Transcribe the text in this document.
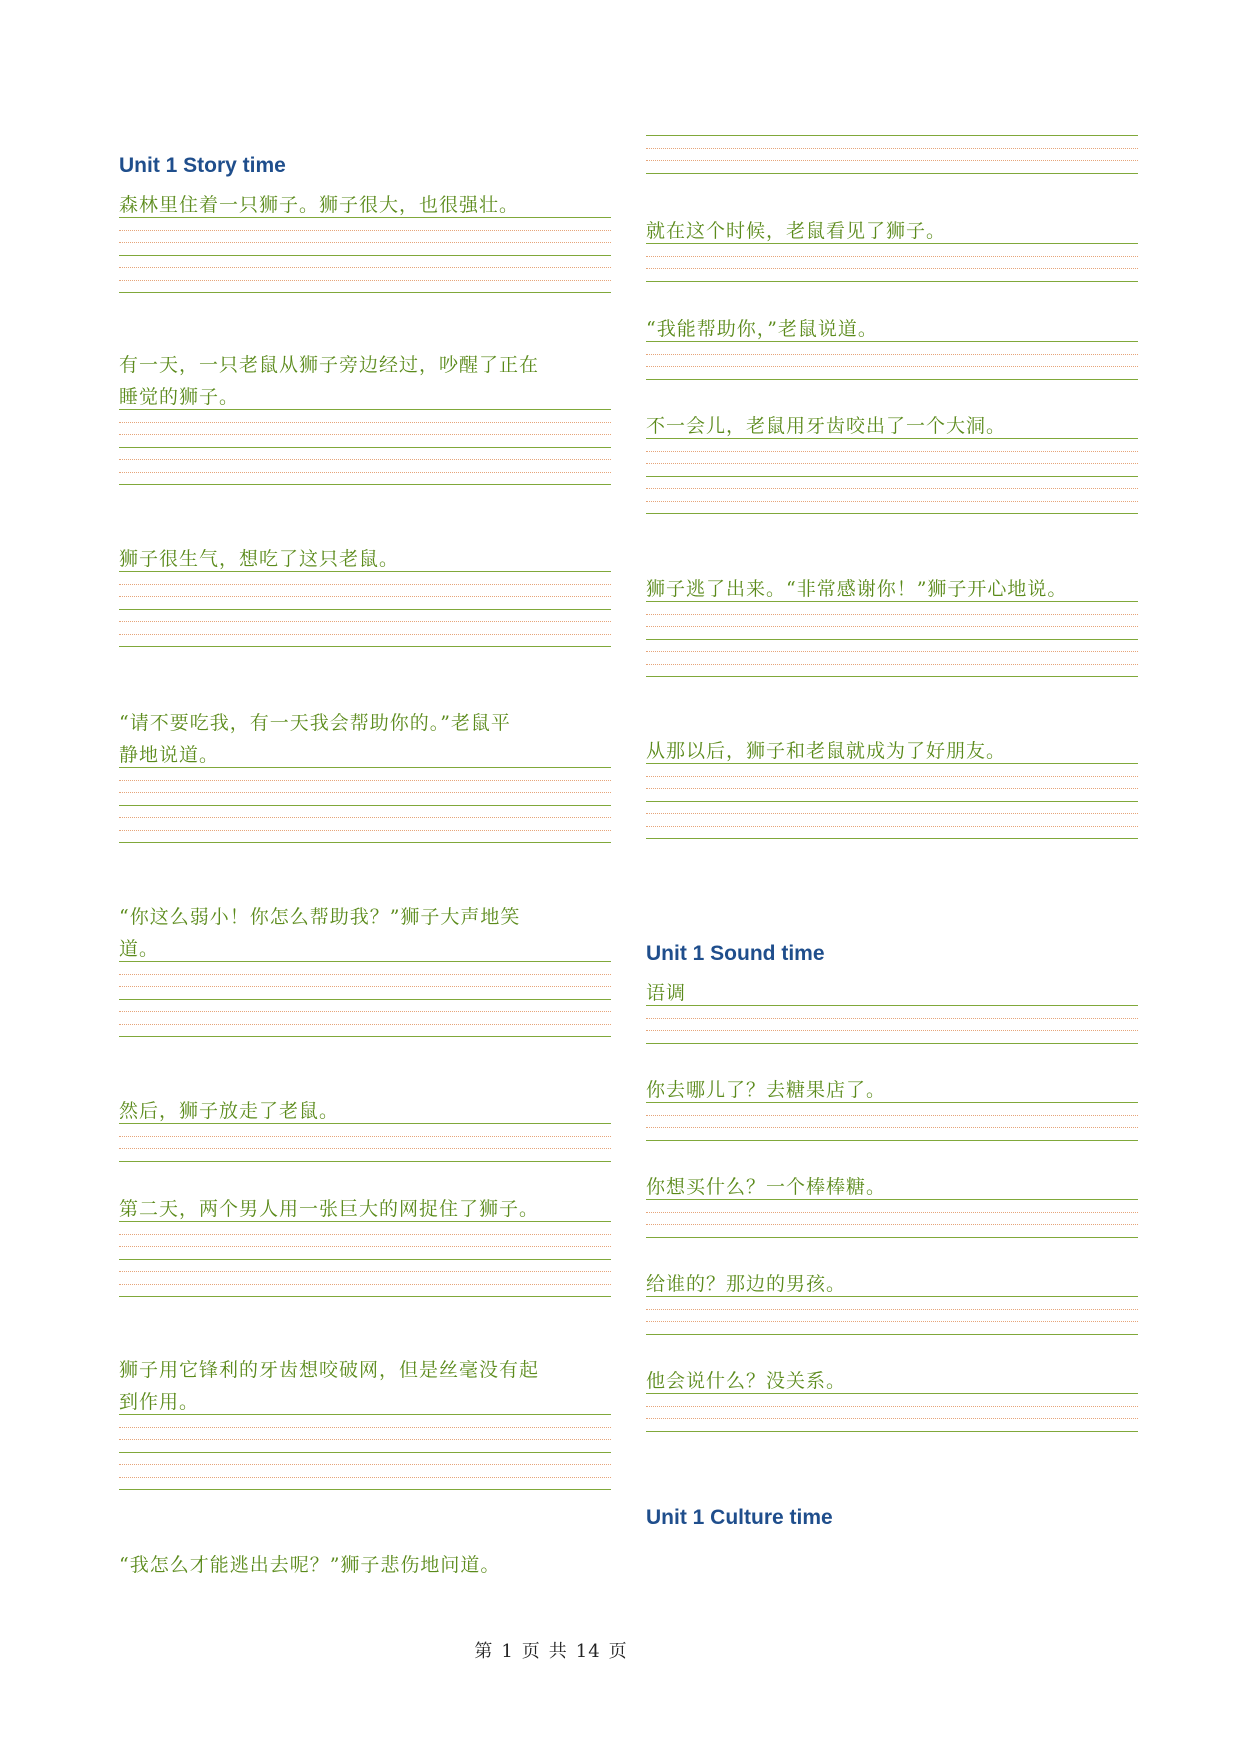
Unit 1 Story time
森林里住着一只狮子。狮子很大，也很强壮。
有一天，一只老鼠从狮子旁边经过，吵醒了正在
睡觉的狮子。
狮子很生气，想吃了这只老鼠。
“请不要吃我，有一天我会帮助你的。”老鼠平
静地说道。
“你这么弱小！你怎么帮助我？”狮子大声地笑
道。
然后，狮子放走了老鼠。
第二天，两个男人用一张巨大的网捉住了狮子。
狮子用它锋利的牙齿想咬破网，但是丝毫没有起
到作用。
“我怎么才能逃出去呢？”狮子悲伤地问道。
就在这个时候，老鼠看见了狮子。
“我能帮助你，”老鼠说道。
不一会儿，老鼠用牙齿咬出了一个大洞。
狮子逃了出来。“非常感谢你！”狮子开心地说。
从那以后，狮子和老鼠就成为了好朋友。
Unit 1 Sound time
语调
你去哪儿了？去糖果店了。
你想买什么？一个棒棒糖。
给谁的？那边的男孩。
他会说什么？没关系。
Unit 1 Culture time
第 1 页 共 14 页
